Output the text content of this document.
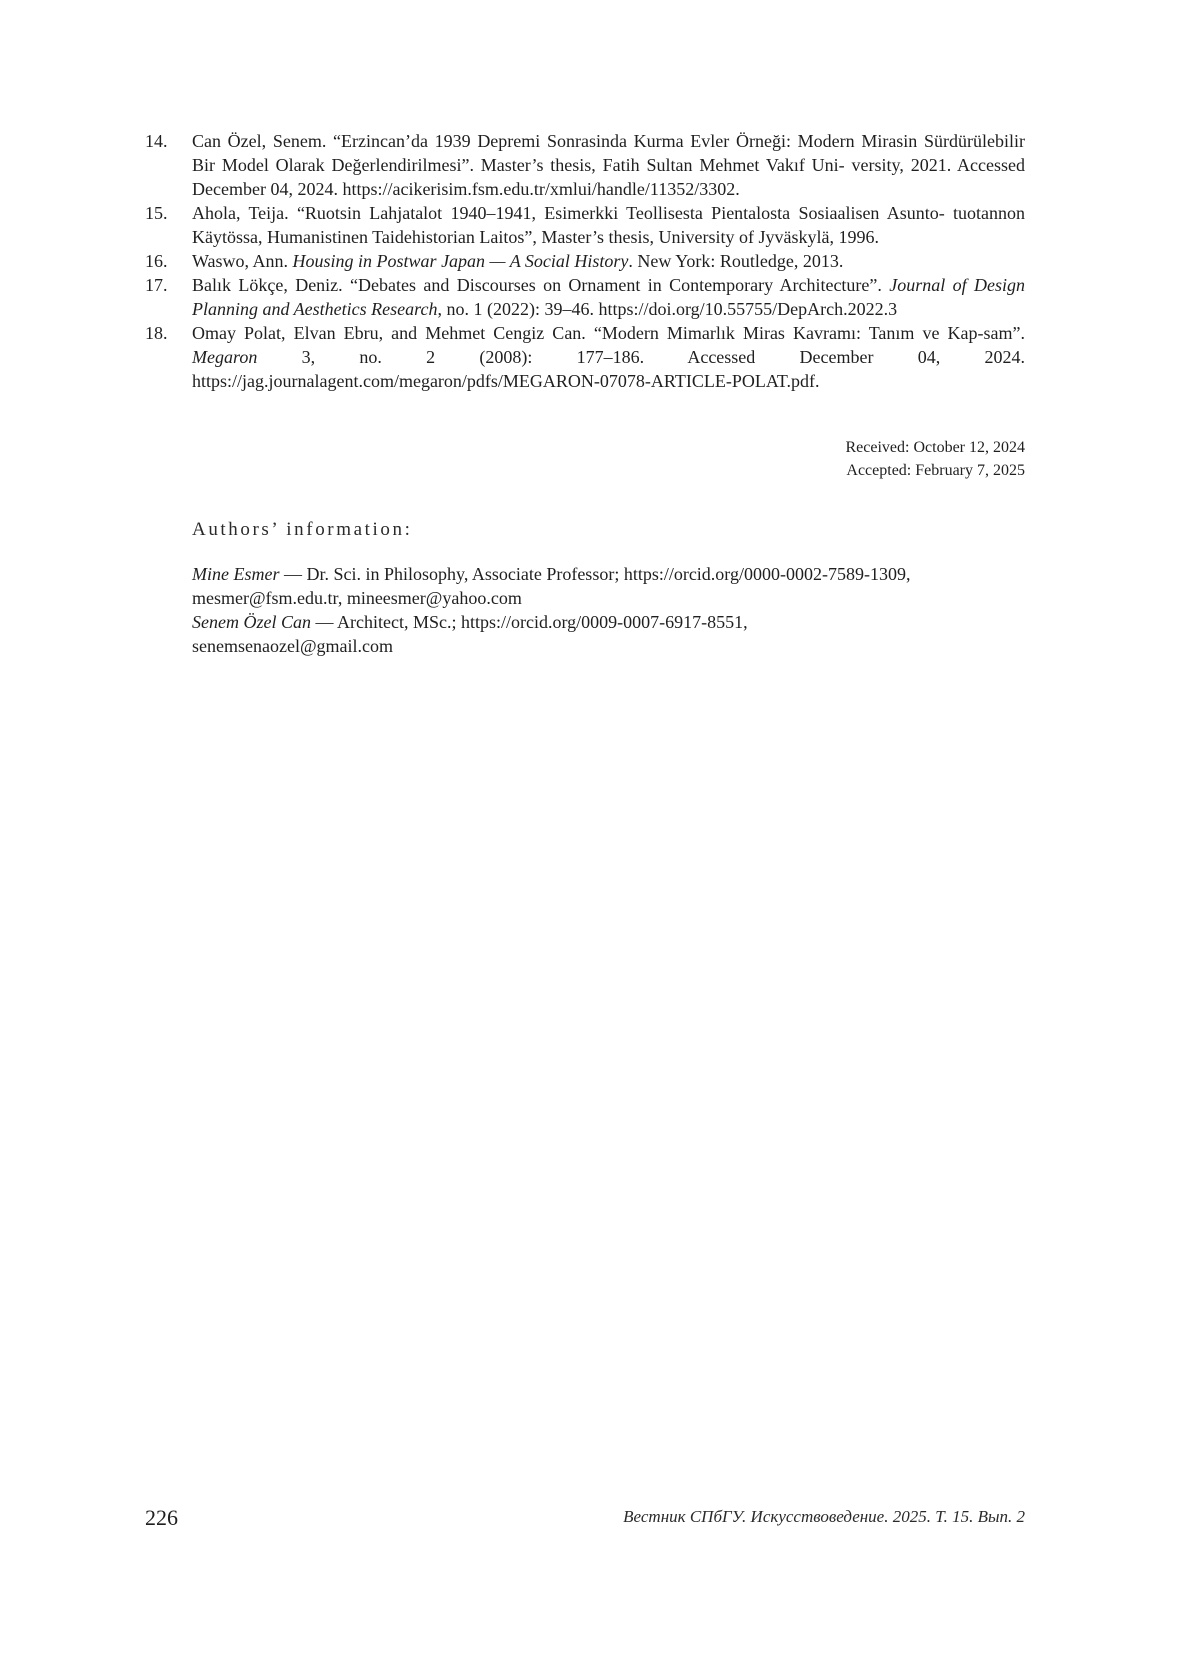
14. Can Özel, Senem. “Erzincan’da 1939 Depremi Sonrasinda Kurma Evler Örneği: Modern Mirasin Sürdürülebilir Bir Model Olarak Değerlendirilmesi”. Master’s thesis, Fatih Sultan Mehmet Vakıf Uni- versity, 2021. Accessed December 04, 2024. https://acikerisim.fsm.edu.tr/xmlui/handle/11352/3302.
15. Ahola, Teija. “Ruotsin Lahjatalot 1940–1941, Esimerkki Teollisesta Pientalosta Sosiaalisen Asunto- tuotannon Käytössa, Humanistinen Taidehistorian Laitos”, Master’s thesis, University of Jyväskylä, 1996.
16. Waswo, Ann. Housing in Postwar Japan — A Social History. New York: Routledge, 2013.
17. Balık Lökçe, Deniz. “Debates and Discourses on Ornament in Contemporary Architecture”. Journal of Design Planning and Aesthetics Research, no. 1 (2022): 39–46. https://doi.org/10.55755/DepArch.2022.3
18. Omay Polat, Elvan Ebru, and Mehmet Cengiz Can. “Modern Mimarlık Miras Kavramı: Tanım ve Kap-sam”. Megaron 3, no. 2 (2008): 177–186. Accessed December 04, 2024. https://jag.journalagent.com/megaron/pdfs/MEGARON-07078-ARTICLE-POLAT.pdf.
Received: October 12, 2024
Accepted: February 7, 2025
Authors’ information:

Mine Esmer — Dr. Sci. in Philosophy, Associate Professor; https://orcid.org/0000-0002-7589-1309,

mesmer@fsm.edu.tr, mineesmer@yahoo.com

Senem Özel Can — Architect, MSc.; https://orcid.org/0009-0007-6917-8551,

senemsenaozel@gmail.com

226	Вестник СПбГУ. Искусствоведение. 2025. Т. 15. Вып. 2
